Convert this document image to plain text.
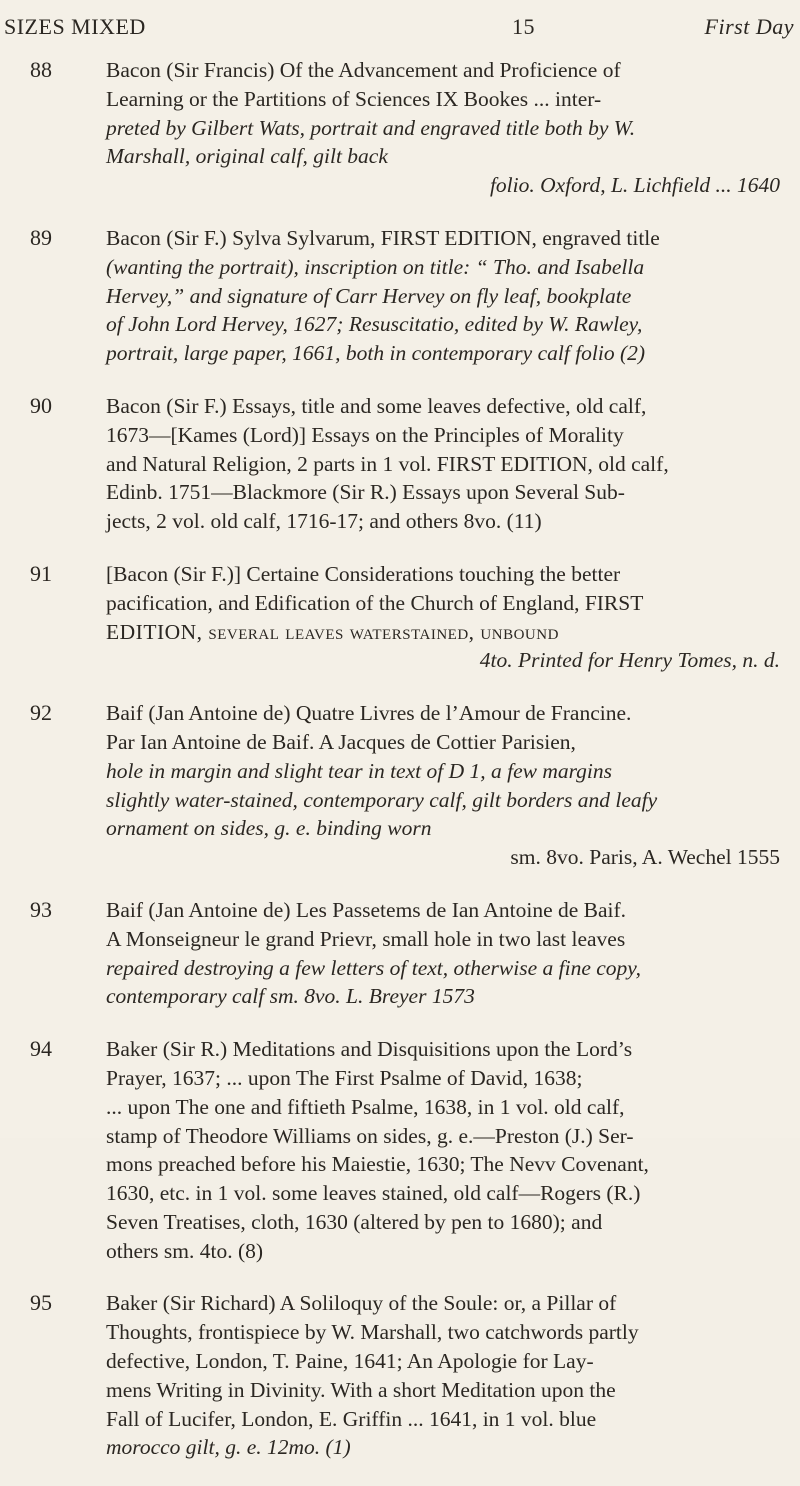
SIZES MIXED	15	First Day
88	Bacon (Sir Francis) Of the Advancement and Proficience of
Learning or the Partitions of Sciences IX Bookes ... inter-
preted by Gilbert Wats, portrait and engraved title both by W.
Marshall, original calf, gilt back
folio. Oxford, L. Lichfield ... 1640
89	Bacon (Sir F.) Sylva Sylvarum, FIRST EDITION, engraved title
(wanting the portrait), inscription on title: “ Tho. and Isabella
Hervey,” and signature of Carr Hervey on fly leaf, bookplate
of John Lord Hervey, 1627; Resuscitatio, edited by W. Rawley,
portrait, large paper, 1661, both in contemporary calf folio (2)
90	Bacon (Sir F.) Essays, title and some leaves defective, old calf,
1673—[Kames (Lord)] Essays on the Principles of Morality
and Natural Religion, 2 parts in 1 vol. FIRST EDITION, old calf,
Edinb. 1751—Blackmore (Sir R.) Essays upon Several Sub-
jects, 2 vol. old calf, 1716-17; and others 8vo. (11)
91	[Bacon (Sir F.)] Certaine Considerations touching the better
pacification, and Edification of the Church of England, FIRST
EDITION, several leaves waterstained, unbound
4to. Printed for Henry Tomes, n. d.
92	Baif (Jan Antoine de) Quatre Livres de l’Amour de Francine.
Par Ian Antoine de Baif. A Jacques de Cottier Parisien,
hole in margin and slight tear in text of D 1, a few margins
slightly water-stained, contemporary calf, gilt borders and leafy
ornament on sides, g. e. binding worn
sm. 8vo. Paris, A. Wechel 1555
93	Baif (Jan Antoine de) Les Passetems de Ian Antoine de Baif.
A Monseigneur le grand Prievr, small hole in two last leaves
repaired destroying a few letters of text, otherwise a fine copy,
contemporary calf sm. 8vo. L. Breyer 1573
94	Baker (Sir R.) Meditations and Disquisitions upon the Lord’s
Prayer, 1637; ... upon The First Psalme of David, 1638;
... upon The one and fiftieth Psalme, 1638, in 1 vol. old calf,
stamp of Theodore Williams on sides, g. e.—Preston (J.) Ser-
mons preached before his Maiestie, 1630; The Nevv Covenant,
1630, etc. in 1 vol. some leaves stained, old calf—Rogers (R.)
Seven Treatises, cloth, 1630 (altered by pen to 1680); and
others sm. 4to. (8)
95	Baker (Sir Richard) A Soliloquy of the Soule: or, a Pillar of
Thoughts, frontispiece by W. Marshall, two catchwords partly
defective, London, T. Paine, 1641; An Apologie for Lay-
mens Writing in Divinity. With a short Meditation upon the
Fall of Lucifer, London, E. Griffin ... 1641, in 1 vol. blue
morocco gilt, g. e. 12mo. (1)
